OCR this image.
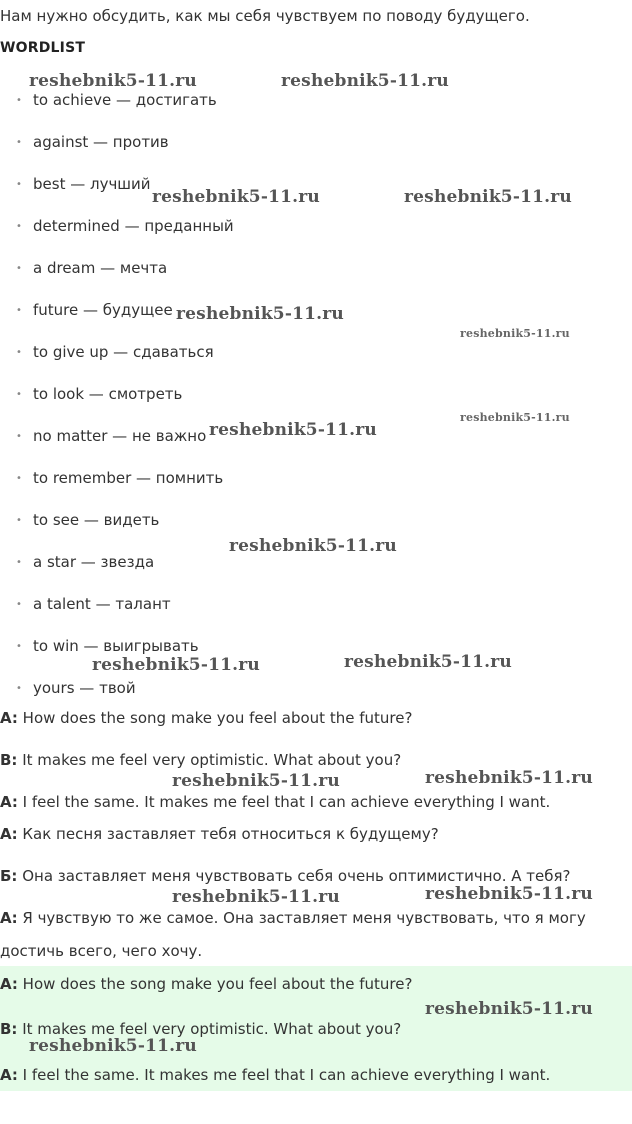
Нам нужно обсудить, как мы себя чувствуем по поводу будущего.
WORDLIST
• to achieve — достигать
• against — против
• best — лучший
• determined — преданный
• a dream — мечта
• future — будущее
• to give up — сдаваться
• to look — смотреть
• no matter — не важно
• to remember — помнить
• to see — видеть
• a star — звезда
• a talent — талант
• to win — выигрывать
• yours — твой
A: How does the song make you feel about the future?
B: It makes me feel very optimistic. What about you?
A: I feel the same. It makes me feel that I can achieve everything I want.
А: Как песня заставляет тебя относиться к будущему?
Б: Она заставляет меня чувствовать себя очень оптимистично. А тебя?
А: Я чувствую то же самое. Она заставляет меня чувствовать, что я могу
достичь всего, чего хочу.
A: How does the song make you feel about the future?
B: It makes me feel very optimistic. What about you?
A: I feel the same. It makes me feel that I can achieve everything I want.
reshebnik5-11.ru	reshebnik5-11.ru
reshebnik5-11.ru	reshebnik5-11.ru
reshebnik5-11.ru
reshebnik5-11.ru
reshebnik5-11.ru
reshebnik5-11.ru
reshebnik5-11.ru
reshebnik5-11.ru	reshebnik5-11.ru
reshebnik5-11.ru	reshebnik5-11.ru
reshebnik5-11.ru	reshebnik5-11.ru
reshebnik5-11.ru
reshebnik5-11.ru
